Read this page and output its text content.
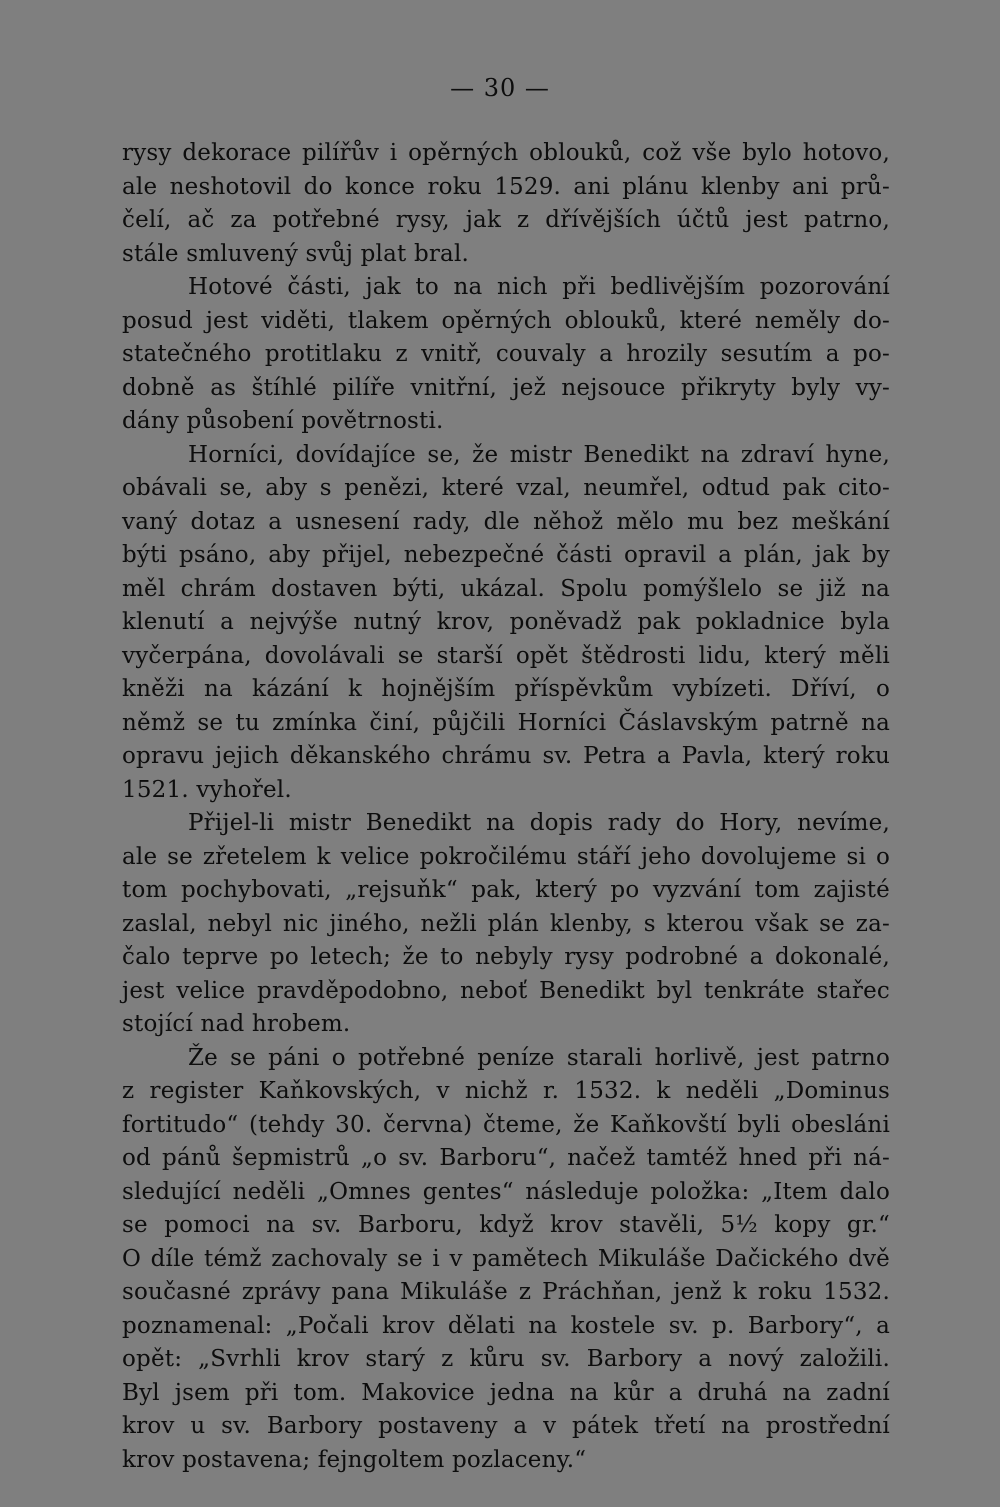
— 30 —
rysy dekorace pilířův i opěrných oblouků, což vše bylo hotovo,
ale neshotovil do konce roku 1529. ani plánu klenby ani prů-
čelí, ač za potřebné rysy, jak z dřívějších účtů jest patrno,
stále smluvený svůj plat bral.
Hotové části, jak to na nich při bedlivějším pozorování
posud jest viděti, tlakem opěrných oblouků, které neměly do-
statečného protitlaku z vnitř, couvaly a hrozily sesutím a po-
dobně as štíhlé pilíře vnitřní, jež nejsouce přikryty byly vy-
dány působení povětrnosti.
Horníci, dovídajíce se, že mistr Benedikt na zdraví hyne,
obávali se, aby s penězi, které vzal, neumřel, odtud pak cito-
vaný dotaz a usnesení rady, dle něhož mělo mu bez meškání
býti psáno, aby přijel, nebezpečné části opravil a plán, jak by
měl chrám dostaven býti, ukázal. Spolu pomýšlelo se již na
klenutí a nejvýše nutný krov, poněvadž pak pokladnice byla
vyčerpána, dovolávali se starší opět štědrosti lidu, který měli
kněži na kázání k hojnějším příspěvkům vybízeti. Dříví, o
němž se tu zmínka činí, půjčili Horníci Čáslavským patrně na
opravu jejich děkanského chrámu sv. Petra a Pavla, který roku
1521. vyhořel.
Přijel-li mistr Benedikt na dopis rady do Hory, nevíme,
ale se zřetelem k velice pokročilému stáří jeho dovolujeme si o
tom pochybovati, „rejsuňk“ pak, který po vyzvání tom zajisté
zaslal, nebyl nic jiného, nežli plán klenby, s kterou však se za-
čalo teprve po letech; že to nebyly rysy podrobné a dokonalé,
jest velice pravděpodobno, neboť Benedikt byl tenkráte stařec
stojící nad hrobem.
Že se páni o potřebné peníze starali horlivě, jest patrno
z register Kaňkovských, v nichž r. 1532. k neděli „Dominus
fortitudo“ (tehdy 30. června) čteme, že Kaňkovští byli obesláni
od pánů šepmistrů „o sv. Barboru“, načež tamtéž hned při ná-
sledující neděli „Omnes gentes“ následuje položka: „Item dalo
se pomoci na sv. Barboru, když krov stavěli, 5½ kopy gr.“
O díle témž zachovaly se i v pamětech Mikuláše Dačického dvě
současné zprávy pana Mikuláše z Práchňan, jenž k roku 1532.
poznamenal: „Počali krov dělati na kostele sv. p. Barbory“, a
opět: „Svrhli krov starý z kůru sv. Barbory a nový založili.
Byl jsem při tom. Makovice jedna na kůr a druhá na zadní
krov u sv. Barbory postaveny a v pátek třetí na prostřední
krov postavena; fejngoltem pozlaceny.“
